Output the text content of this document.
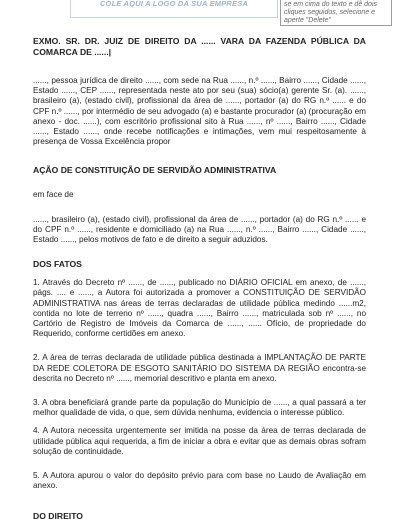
COLE AQUI A LOGO DA SUA EMPRESA	se em cima do texto e dê dois cliques seguidos, selecione e aperte "Delete"

EXMO. SR. DR. JUIZ DE DIREITO DA ...... VARA DA FAZENDA PÚBLICA DA COMARCA DE ......|

......, pessoa jurídica de direito ......, com sede na Rua ......, n.º ......, Bairro ......, Cidade ......, Estado ......, CEP ......, representada neste ato por seu (sua) sócio(a) gerente Sr. (a). ......, brasileiro (a), (estado civil), profissional da área de ......, portador (a) do RG n.º ...... e do CPF n.º ......, por intermédio de seu advogado (a) e bastante procurador (a) (procuração em anexo - doc. ......), com escritório profissional sito à Rua ......, nº ......, Bairro ......, Cidade ......, Estado ......, onde recebe notificações e intimações, vem mui respeitosamente à presença de Vossa Excelência propor

AÇÃO DE CONSTITUIÇÃO DE SERVIDÃO ADMINISTRATIVA

em face de

......, brasileiro (a), (estado civil), profissional da área de ......, portador (a) do RG n.º ...... e do CPF n.º ......, residente e domiciliado (a) na Rua ......, n.º ......, Bairro ......, Cidade ......, Estado ......, pelos motivos de fato e de direito a seguir aduzidos.

DOS FATOS

1. Através do Decreto nº ......, de ......, publicado no DIÁRIO OFICIAL em anexo, de ......, págs. .... e ......, a Autora foi autorizada a promover a CONSTITUIÇÃO DE SERVIDÃO ADMINISTRATIVA nas áreas de terras declaradas de utilidade pública medindo ......m2, contida no lote de terreno nº ......, quadra ......, Bairro ......, matriculada sob nº ......, no Cartório de Registro de Imóveis da Comarca de ......, ...... Ofício, de propriedade do Requerido, conforme certidões em anexo.

2. A área de terras declarada de utilidade pública destinada a IMPLANTAÇÃO DE PARTE DA REDE COLETORA DE ESGOTO SANITÁRIO DO SISTEMA DA REGIÃO encontra-se descrita no Decreto nº ......, memorial descritivo e planta em anexo.

3. A obra beneficiará grande parte da população do Município de ......, a qual passará a ter melhor qualidade de vida, o que, sem dúvida nenhuma, evidencia o interesse público.

4. A Autora necessita urgentemente ser imitida na posse da área de terras declarada de utilidade pública aqui requerida, a fim de iniciar a obra e evitar que as demais obras sofram solução de continuidade.

5. A Autora apurou o valor do depósito prévio para com base no Laudo de Avaliação em anexo.

DO DIREITO
